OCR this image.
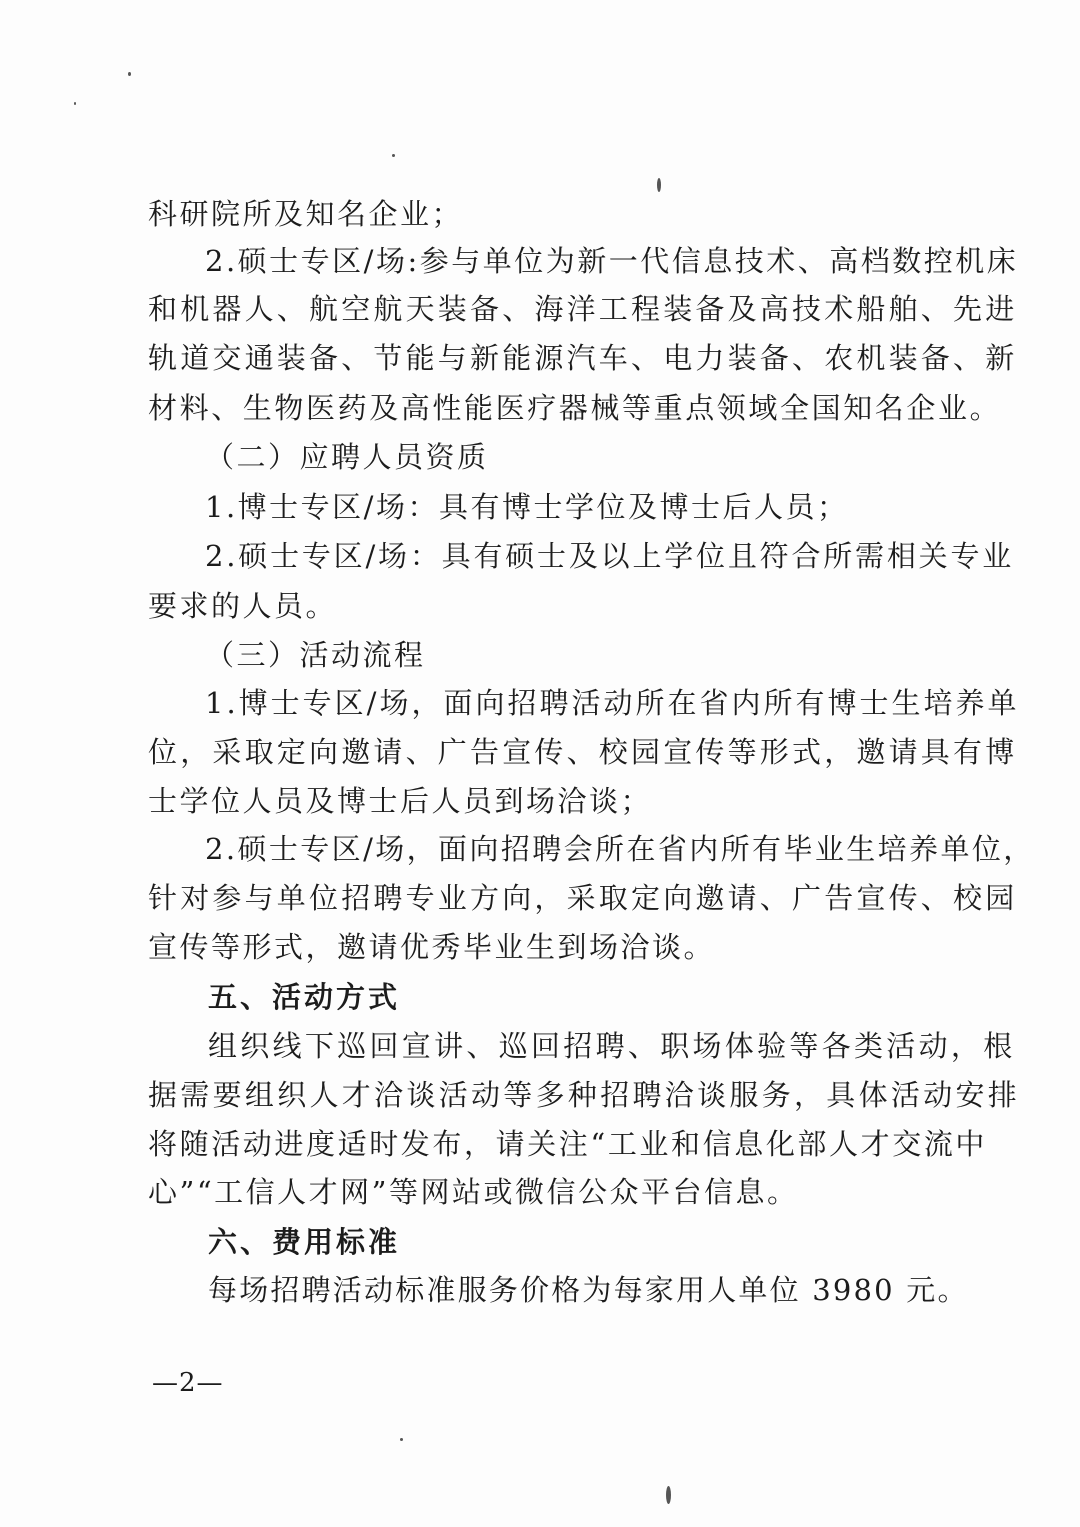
科研院所及知名企业；
2.硕士专区/场:参与单位为新一代信息技术、高档数控机床
和机器人、航空航天装备、海洋工程装备及高技术船舶、先进
轨道交通装备、节能与新能源汽车、电力装备、农机装备、新
材料、生物医药及高性能医疗器械等重点领域全国知名企业。
（二）应聘人员资质
1.博士专区/场：具有博士学位及博士后人员；
2.硕士专区/场：具有硕士及以上学位且符合所需相关专业
要求的人员。
（三）活动流程
1.博士专区/场，面向招聘活动所在省内所有博士生培养单
位，采取定向邀请、广告宣传、校园宣传等形式，邀请具有博
士学位人员及博士后人员到场洽谈；
2.硕士专区/场，面向招聘会所在省内所有毕业生培养单位，
针对参与单位招聘专业方向，采取定向邀请、广告宣传、校园
宣传等形式，邀请优秀毕业生到场洽谈。
五、活动方式
组织线下巡回宣讲、巡回招聘、职场体验等各类活动，根
据需要组织人才洽谈活动等多种招聘洽谈服务，具体活动安排
将随活动进度适时发布，请关注“工业和信息化部人才交流中
心”“工信人才网”等网站或微信公众平台信息。
六、费用标准
每场招聘活动标准服务价格为每家用人单位 3980 元。
—2—
